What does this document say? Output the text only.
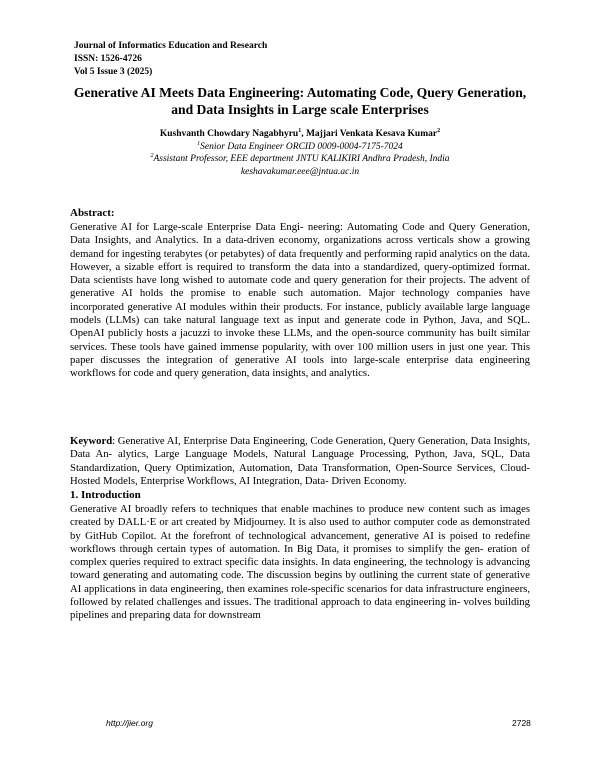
Journal of Informatics Education and Research
ISSN: 1526-4726
Vol 5 Issue 3 (2025)
Generative AI Meets Data Engineering: Automating Code, Query Generation,
and Data Insights in Large scale Enterprises
Kushvanth Chowdary Nagabhyru$^1$, Majjari Venkata Kesava Kumar$^2$
$^1$Senior Data Engineer ORCID 0009-0004-7175-7024
$^2$Assistant Professor, EEE department JNTU KALIKIRI Andhra Pradesh, India
keshavakumar.eee@jntua.ac.in
Abstract:
Generative AI for Large-scale Enterprise Data Engi- neering: Automating Code and Query Generation, Data Insights, and Analytics. In a data-driven economy, organizations across verticals show a growing demand for ingesting terabytes (or petabytes) of data frequently and performing rapid analytics on the data. However, a sizable effort is required to transform the data into a standardized, query-optimized format. Data scientists have long wished to automate code and query generation for their projects. The advent of generative AI holds the promise to enable such automation. Major technology companies have incorporated generative AI modules within their products. For instance, publicly available large language models (LLMs) can take natural language text as input and generate code in Python, Java, and SQL. OpenAI publicly hosts a jacuzzi to invoke these LLMs, and the open-source community has built similar services. These tools have gained immense popularity, with over 100 million users in just one year. This paper discusses the integration of generative AI tools into large-scale enterprise data engineering workflows for code and query generation, data insights, and analytics.
Keyword: Generative AI, Enterprise Data Engineering, Code Generation, Query Generation, Data Insights, Data An- alytics, Large Language Models, Natural Language Processing, Python, Java, SQL, Data Standardization, Query Optimization, Automation, Data Transformation, Open-Source Services, Cloud- Hosted Models, Enterprise Workflows, AI Integration, Data- Driven Economy.
1. Introduction
Generative AI broadly refers to techniques that enable machines to produce new content such as images created by DALL·E or art created by Midjourney. It is also used to author computer code as demonstrated by GitHub Copilot. At the forefront of technological advancement, generative AI is poised to redefine workflows through certain types of automation. In Big Data, it promises to simplify the gen- eration of complex queries required to extract specific data insights. In data engineering, the technology is advancing toward generating and automating code. The discussion begins by outlining the current state of generative AI applications in data engineering, then examines role-specific scenarios for data infrastructure engineers, followed by related challenges and issues. The traditional approach to data engineering in- volves building pipelines and preparing data for downstream
http://jier.org	2728
